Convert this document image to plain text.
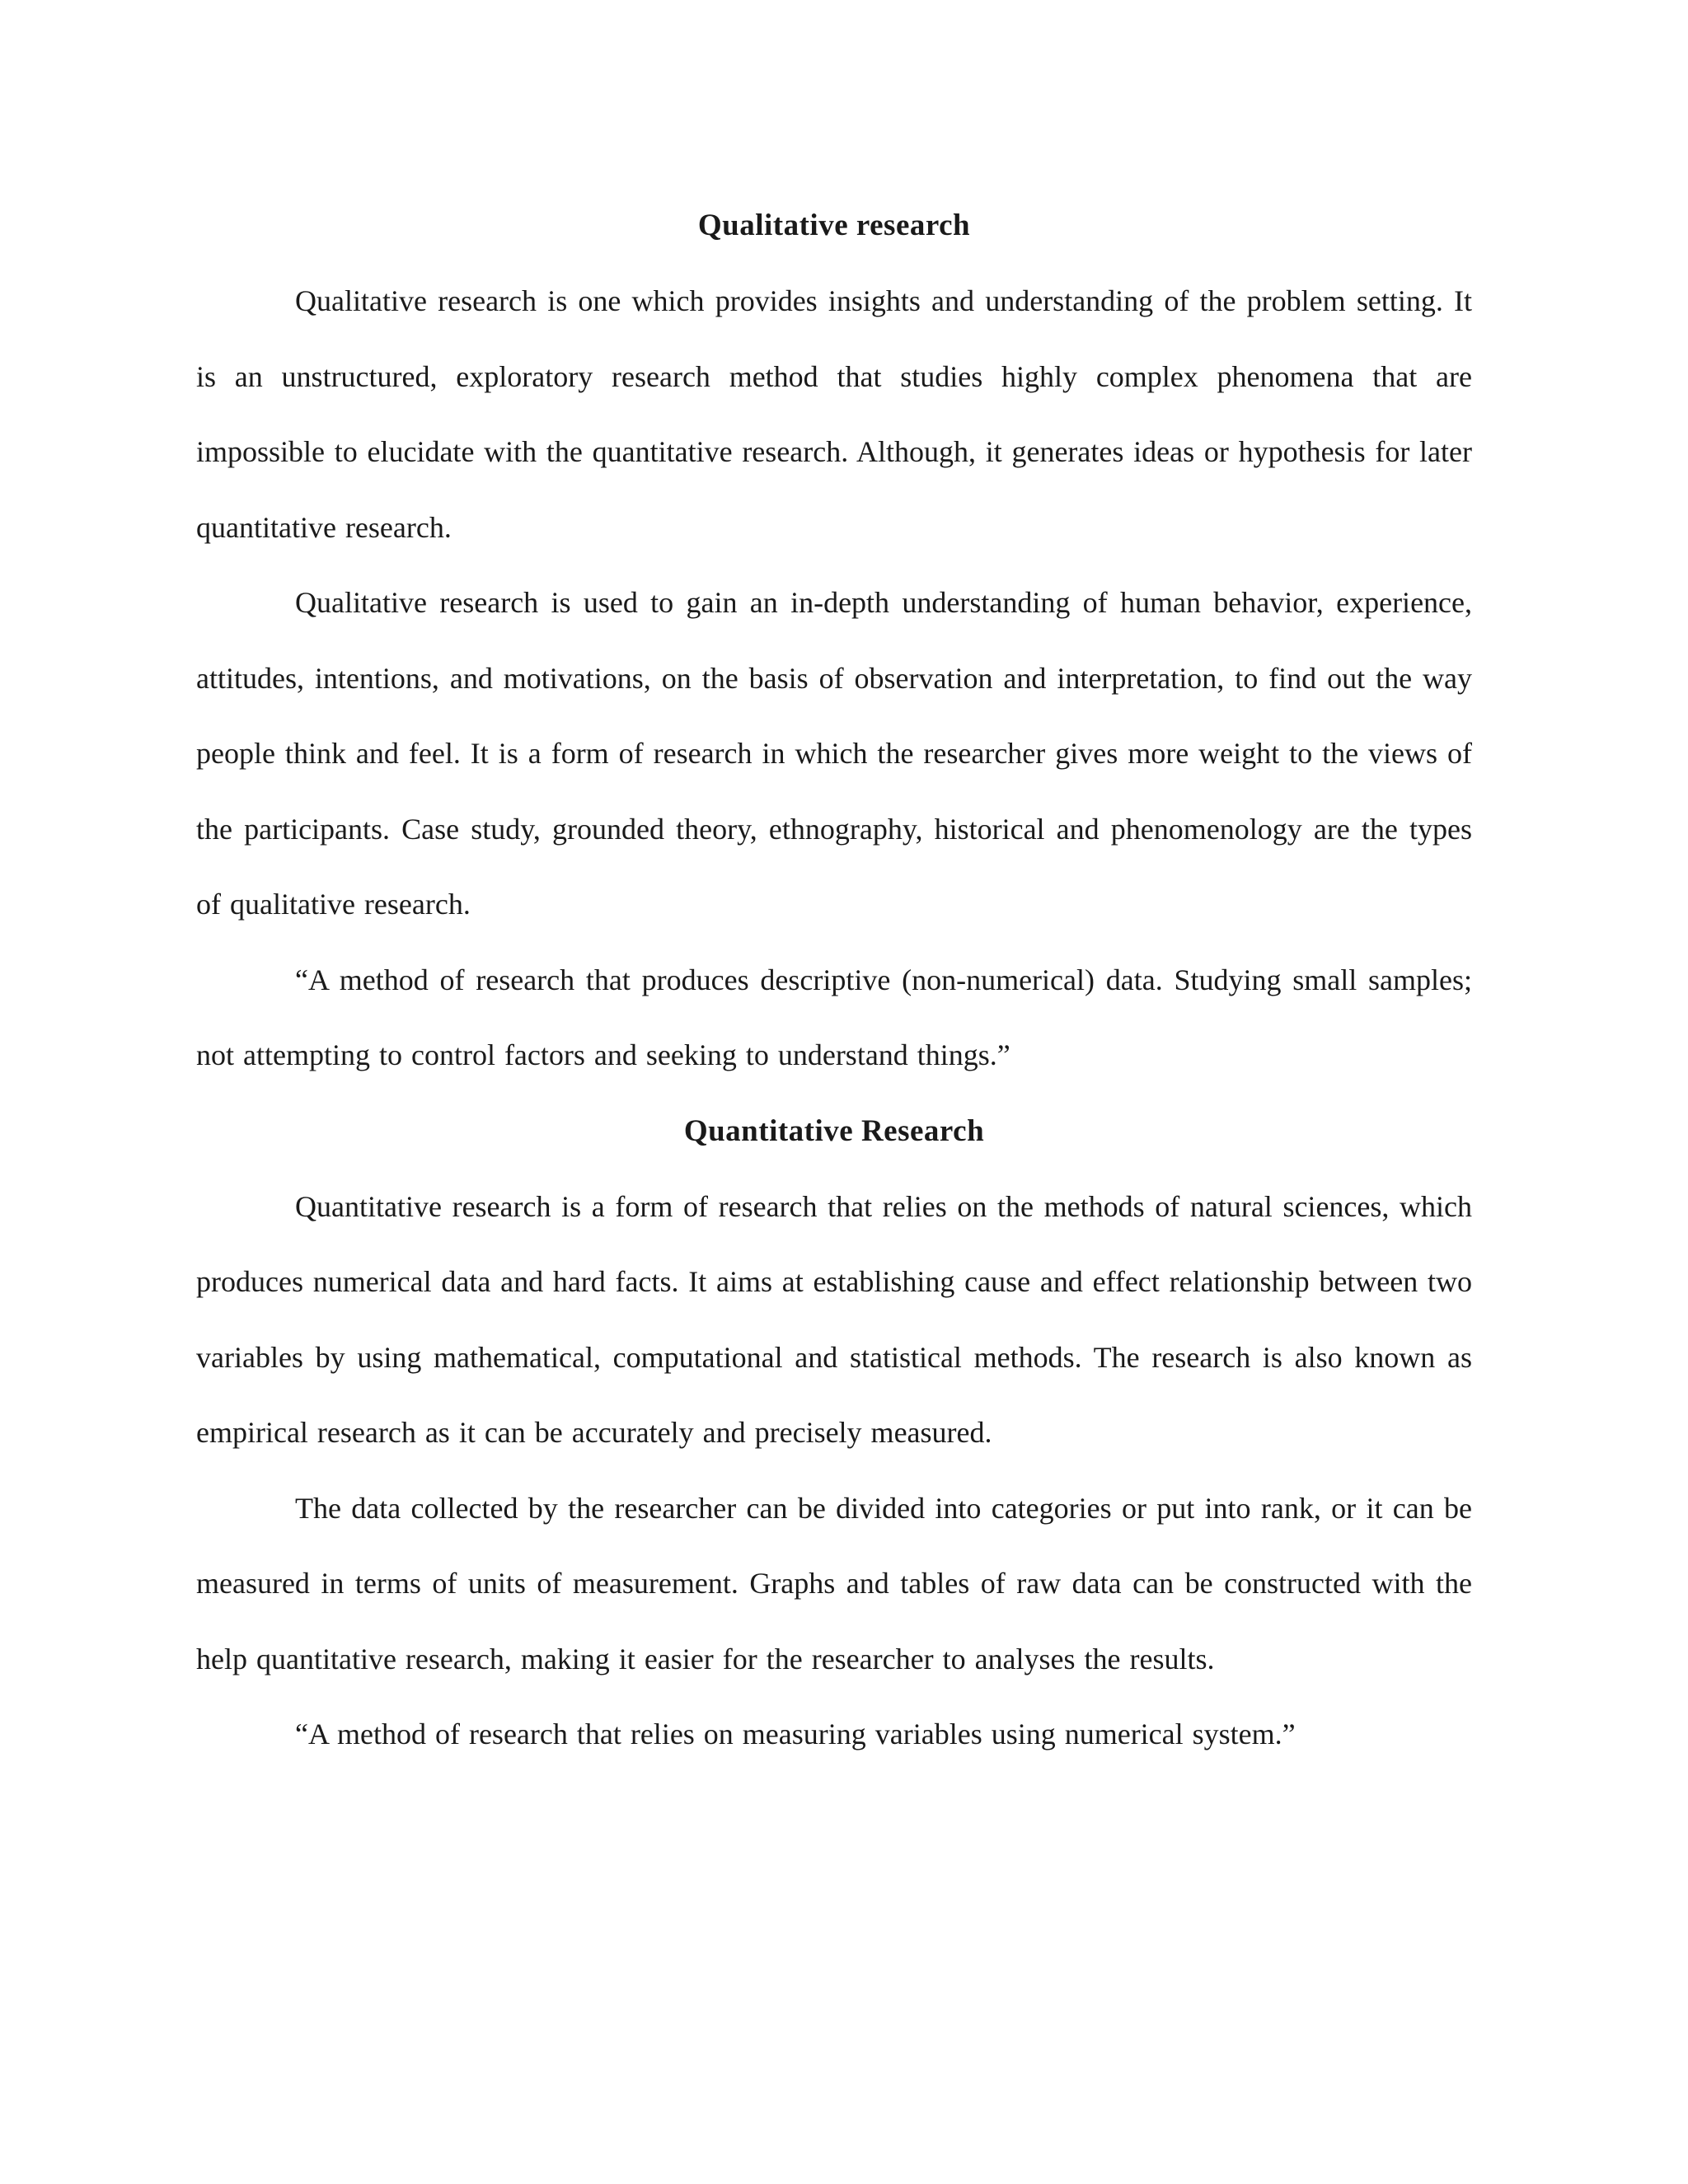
Qualitative research

Qualitative research is one which provides insights and understanding of the problem setting. It is an unstructured, exploratory research method that studies highly complex phenomena that are impossible to elucidate with the quantitative research. Although, it generates ideas or hypothesis for later quantitative research.

Qualitative research is used to gain an in-depth understanding of human behavior, experience, attitudes, intentions, and motivations, on the basis of observation and interpretation, to find out the way people think and feel. It is a form of research in which the researcher gives more weight to the views of the participants. Case study, grounded theory, ethnography, historical and phenomenology are the types of qualitative research.

“A method of research that produces descriptive (non-numerical) data. Studying small samples; not attempting to control factors and seeking to understand things.”

Quantitative Research

Quantitative research is a form of research that relies on the methods of natural sciences, which produces numerical data and hard facts. It aims at establishing cause and effect relationship between two variables by using mathematical, computational and statistical methods. The research is also known as empirical research as it can be accurately and precisely measured.

The data collected by the researcher can be divided into categories or put into rank, or it can be measured in terms of units of measurement. Graphs and tables of raw data can be constructed with the help quantitative research, making it easier for the researcher to analyses the results.

“A method of research that relies on measuring variables using numerical system.”
